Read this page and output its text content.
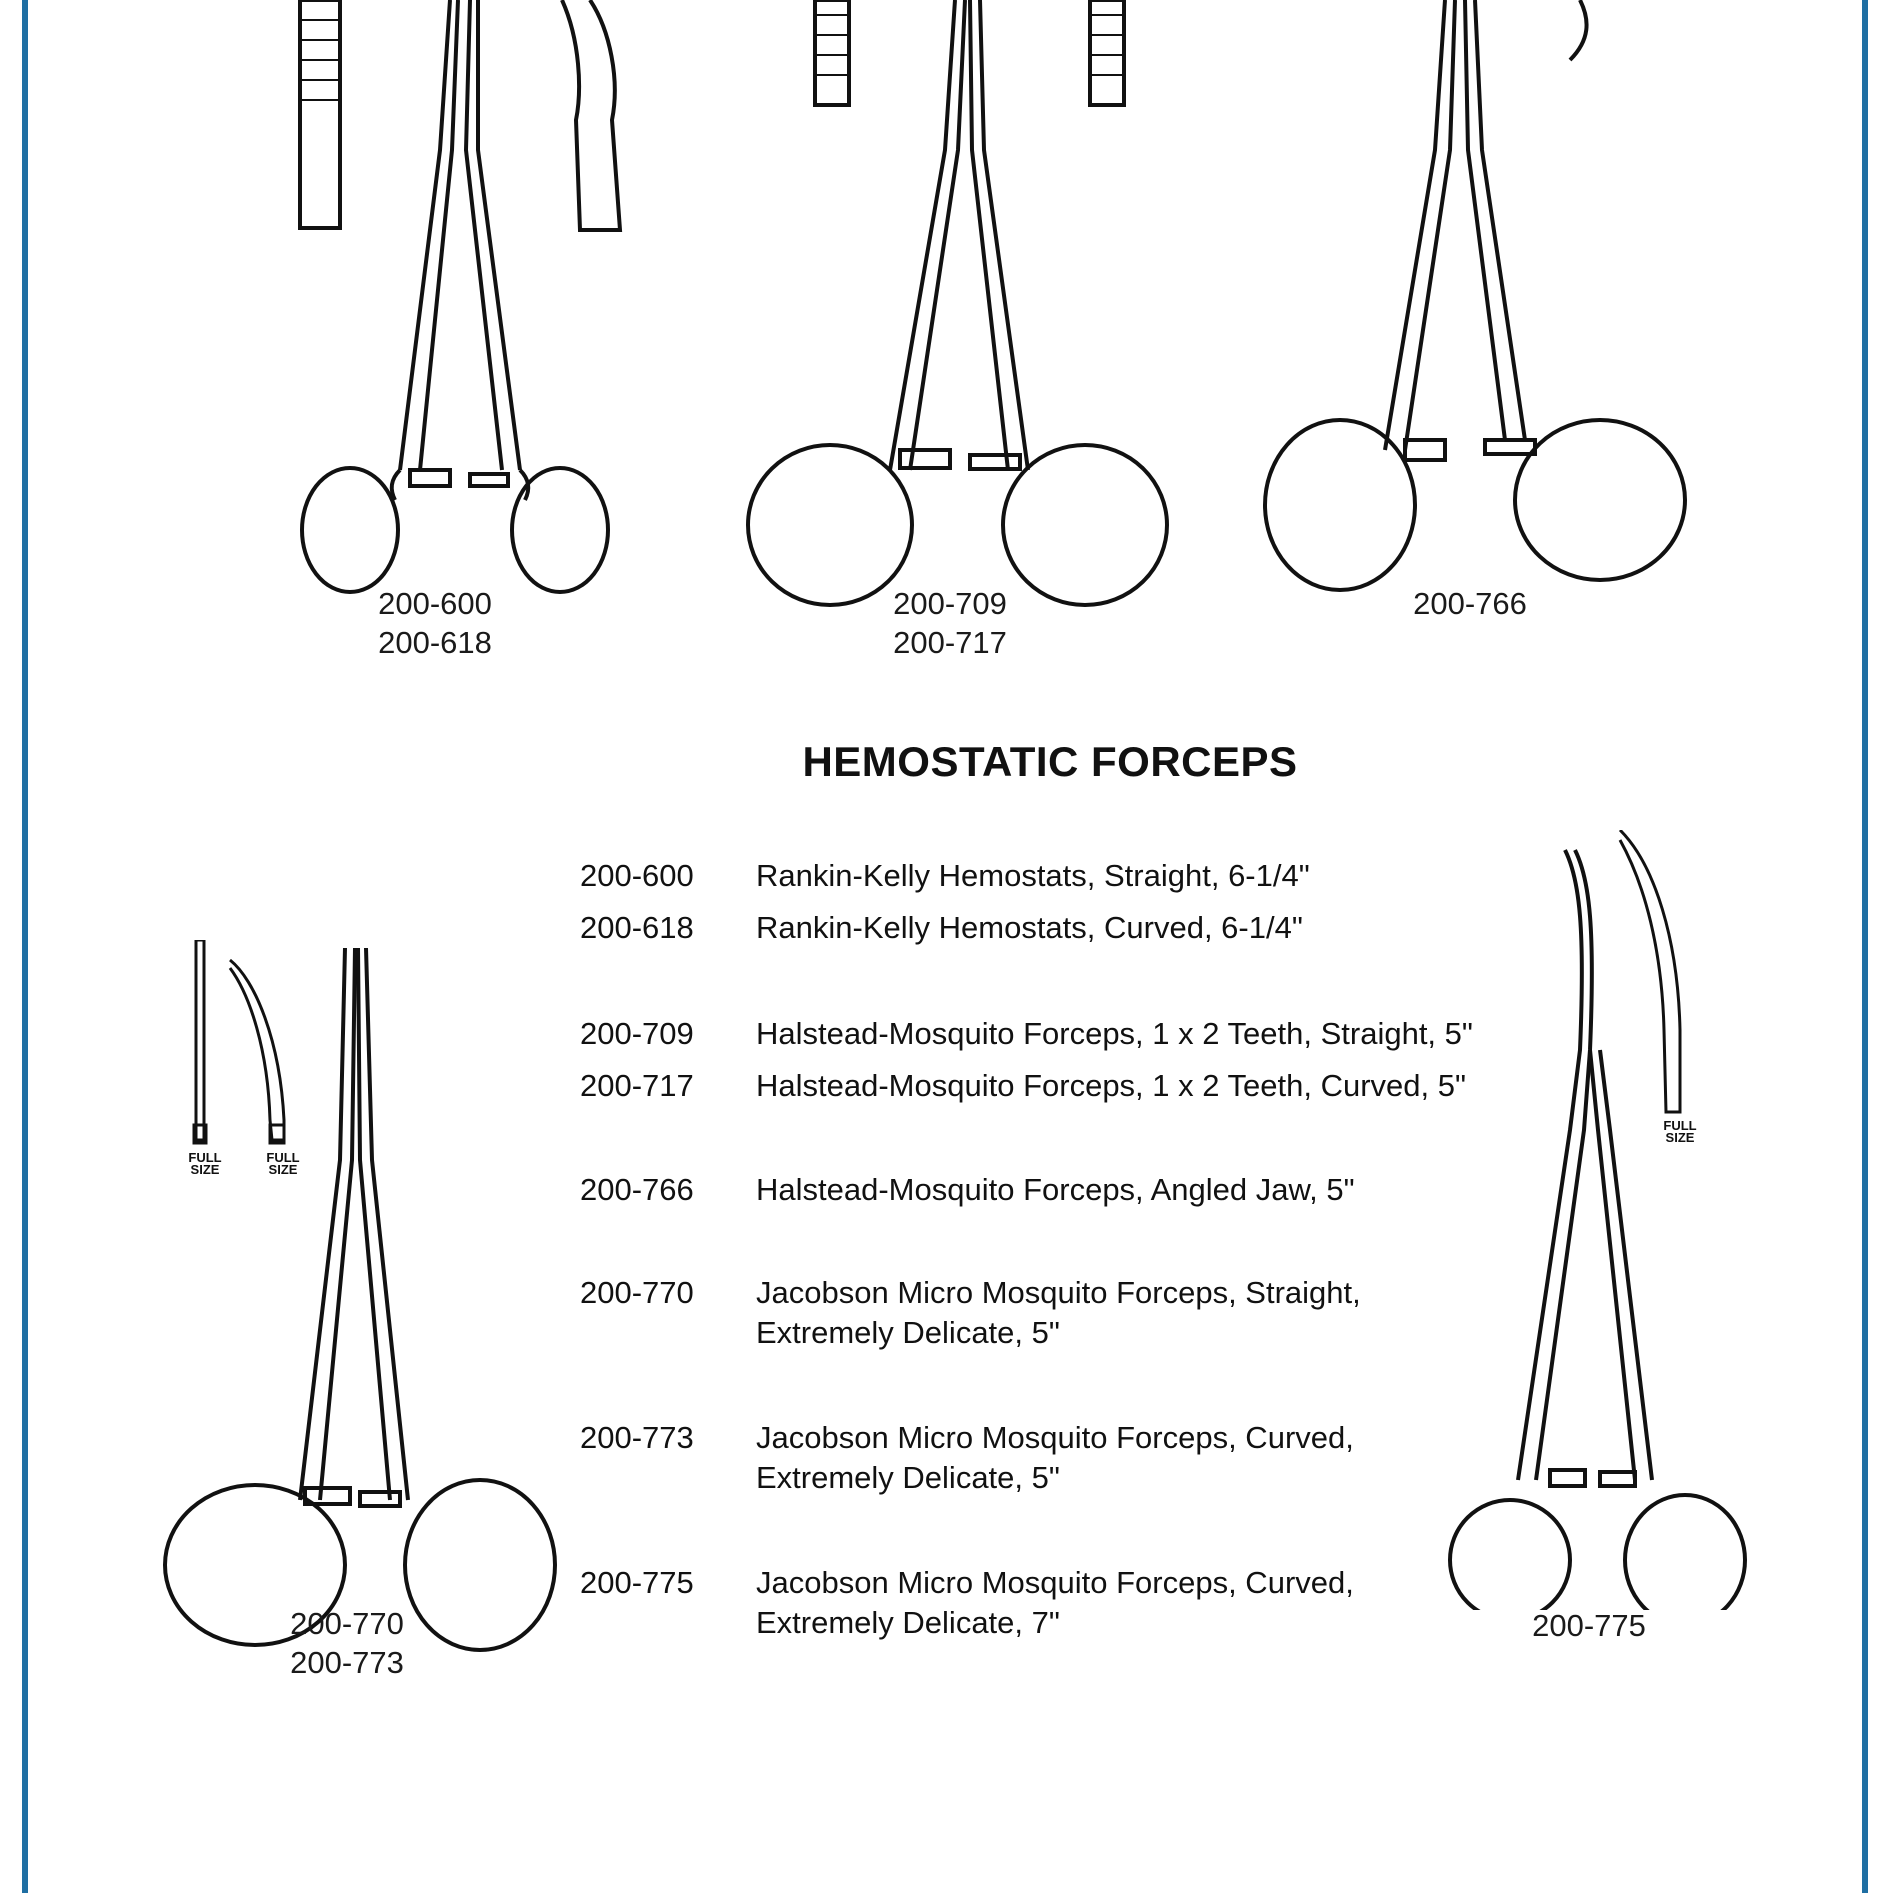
200-600
200-618
200-709
200-717
200-766
HEMOSTATIC FORCEPS
FULL
SIZE
FULL
SIZE
200-770
200-773
FULL
SIZE
200-775
200-600	Rankin-Kelly Hemostats, Straight, 6-1/4"
200-618	Rankin-Kelly Hemostats, Curved, 6-1/4"
200-709	Halstead-Mosquito Forceps, 1 x 2 Teeth, Straight, 5"
200-717	Halstead-Mosquito Forceps, 1 x 2 Teeth, Curved, 5"
200-766	Halstead-Mosquito Forceps, Angled Jaw, 5"
200-770	Jacobson Micro Mosquito Forceps, Straight,
Extremely Delicate, 5"
200-773	Jacobson Micro Mosquito Forceps, Curved,
Extremely Delicate, 5"
200-775	Jacobson Micro Mosquito Forceps, Curved,
Extremely Delicate, 7"
